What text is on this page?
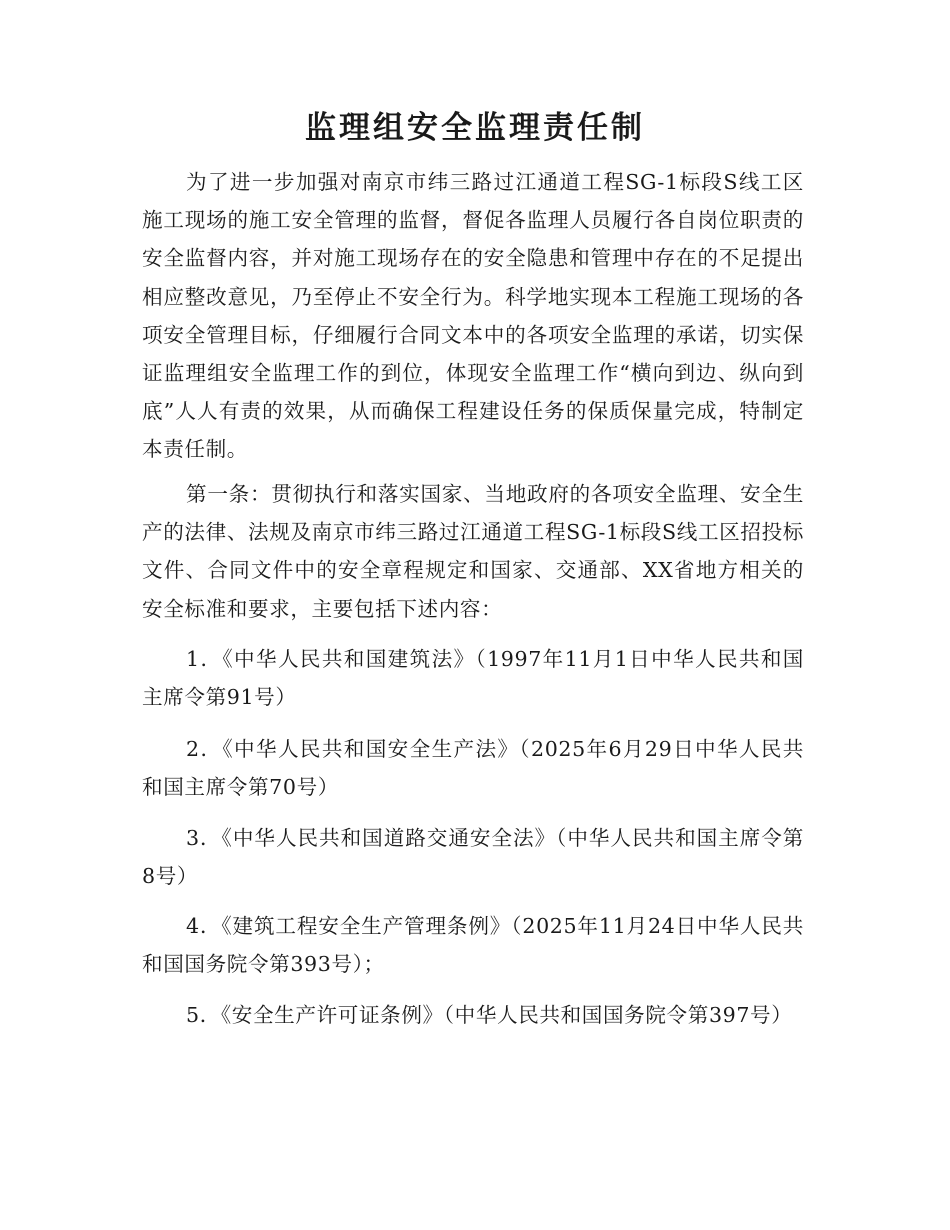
监理组安全监理责任制

为了进一步加强对南京市纬三路过江通道工程SG-1标段S线工区施工现场的施工安全管理的监督，督促各监理人员履行各自岗位职责的安全监督内容，并对施工现场存在的安全隐患和管理中存在的不足提出相应整改意见，乃至停止不安全行为。科学地实现本工程施工现场的各项安全管理目标，仔细履行合同文本中的各项安全监理的承诺，切实保证监理组安全监理工作的到位，体现安全监理工作“横向到边、纵向到底”人人有责的效果，从而确保工程建设任务的保质保量完成，特制定本责任制。

第一条：贯彻执行和落实国家、当地政府的各项安全监理、安全生产的法律、法规及南京市纬三路过江通道工程SG-1标段S线工区招投标文件、合同文件中的安全章程规定和国家、交通部、XX省地方相关的安全标准和要求，主要包括下述内容：

1．《中华人民共和国建筑法》（1997年11月1日中华人民共和国主席令第91号）

2．《中华人民共和国安全生产法》（2025年6月29日中华人民共和国主席令第70号）

3．《中华人民共和国道路交通安全法》（中华人民共和国主席令第8号）

4．《建筑工程安全生产管理条例》（2025年11月24日中华人民共和国国务院令第393号）；

5．《安全生产许可证条例》（中华人民共和国国务院令第397号）
